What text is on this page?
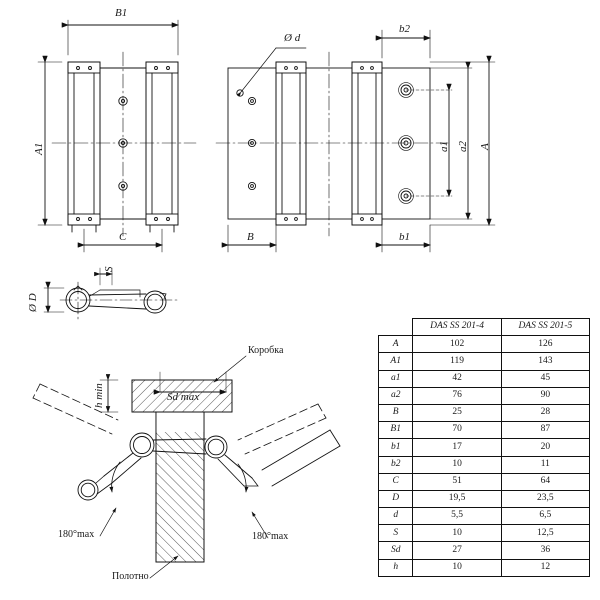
B1
A1
C
Ø d
B	b1
b2
a1 a2 A
Ø D
S
Коробка
Полотно
h min	Sd max
180°max	180°max
	DAS SS 201-4	DAS SS 201-5
A	102	126
A1	119	143
a1	42	45
a2	76	90
B	25	28
B1	70	87
b1	17	20
b2	10	11
C	51	64
D	19,5	23,5
d	5,5	6,5
S	10	12,5
Sd	27	36
h	10	12
